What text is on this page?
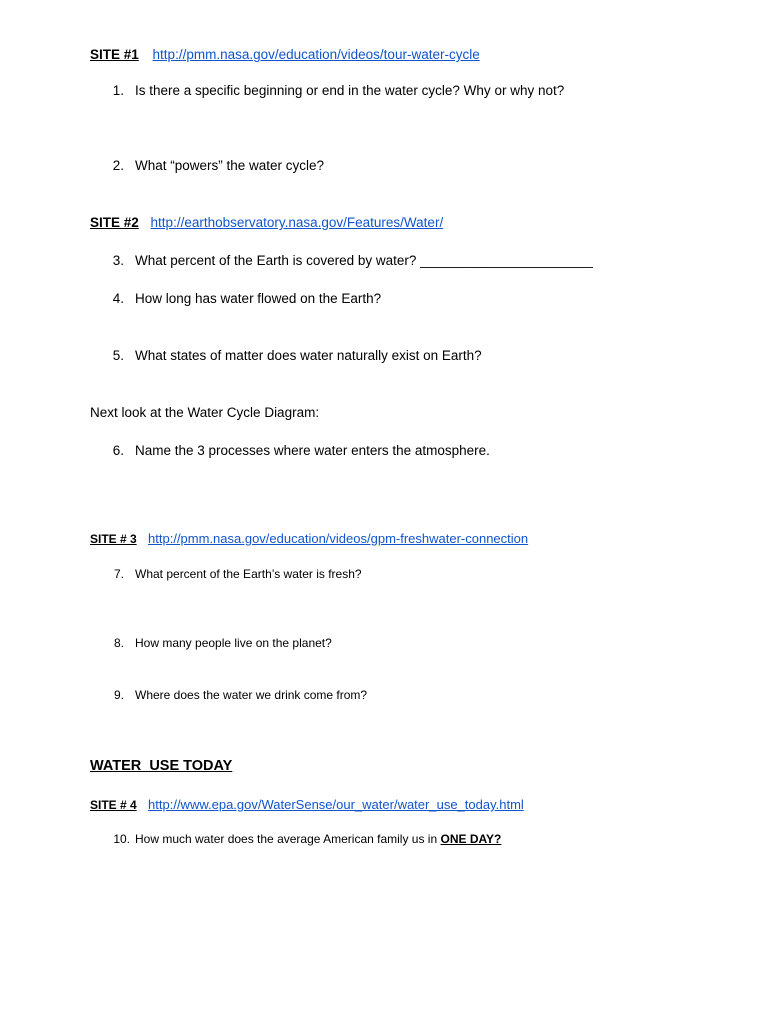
SITE #1 http://pmm.nasa.gov/education/videos/tour-water-cycle
1. Is there a specific beginning or end in the water cycle? Why or why not?
2. What “powers” the water cycle?
SITE #2 http://earthobservatory.nasa.gov/Features/Water/
3. What percent of the Earth is covered by water? _______________________
4. How long has water flowed on the Earth?
5. What states of matter does water naturally exist on Earth?
Next look at the Water Cycle Diagram:
6. Name the 3 processes where water enters the atmosphere.
SITE # 3 http://pmm.nasa.gov/education/videos/gpm-freshwater-connection
7. What percent of the Earth’s water is fresh?
8. How many people live on the planet?
9. Where does the water we drink come from?
WATER  USE TODAY
SITE # 4 http://www.epa.gov/WaterSense/our_water/water_use_today.html
10. How much water does the average American family us in ONE DAY?
